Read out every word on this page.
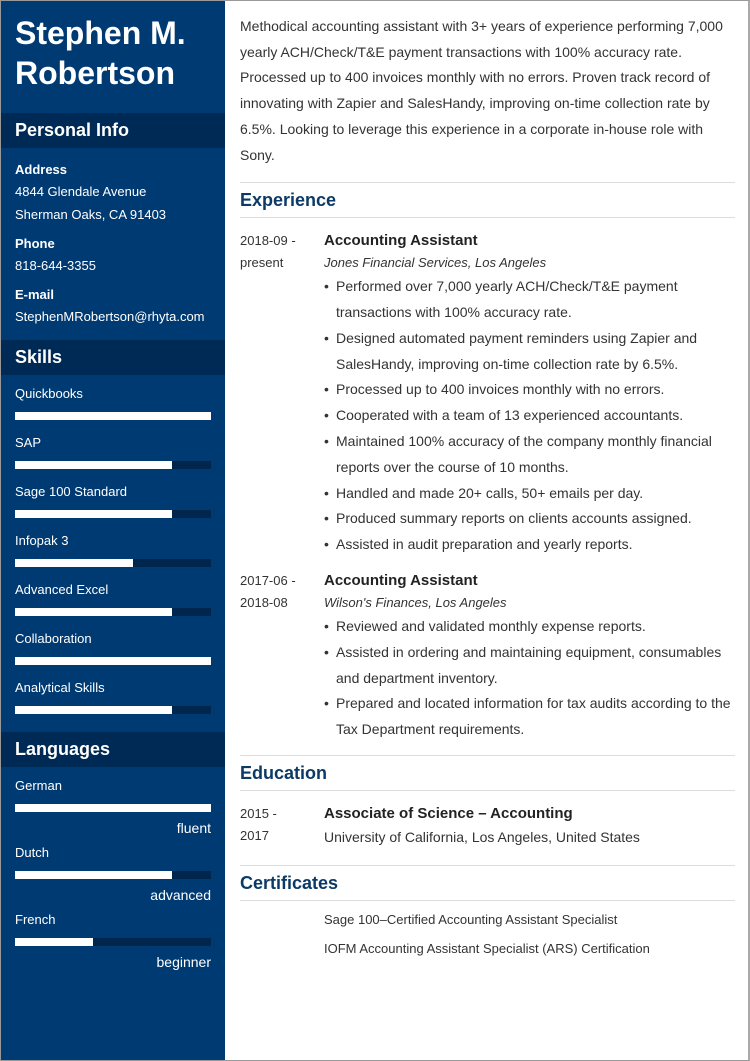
Stephen M.
Robertson
Personal Info
Address
4844 Glendale Avenue
Sherman Oaks, CA 91403
Phone
818-644-3355
E-mail
StephenMRobertson@rhyta.com
Skills
Quickbooks
SAP
Sage 100 Standard
Infopak 3
Advanced Excel
Collaboration
Analytical Skills
Languages
German
fluent
Dutch
advanced
French
beginner
Methodical accounting assistant with 3+ years of experience performing 7,000 yearly ACH/Check/T&E payment transactions with 100% accuracy rate. Processed up to 400 invoices monthly with no errors. Proven track record of innovating with Zapier and SalesHandy, improving on-time collection rate by 6.5%. Looking to leverage this experience in a corporate in-house role with Sony.
Experience
2018-09 -
present
Accounting Assistant
Jones Financial Services, Los Angeles
• Performed over 7,000 yearly ACH/Check/T&E payment transactions with 100% accuracy rate.
• Designed automated payment reminders using Zapier and SalesHandy, improving on-time collection rate by 6.5%.
• Processed up to 400 invoices monthly with no errors.
• Cooperated with a team of 13 experienced accountants.
• Maintained 100% accuracy of the company monthly financial reports over the course of 10 months.
• Handled and made 20+ calls, 50+ emails per day.
• Produced summary reports on clients accounts assigned.
• Assisted in audit preparation and yearly reports.
2017-06 -
2018-08
Accounting Assistant
Wilson's Finances, Los Angeles
• Reviewed and validated monthly expense reports.
• Assisted in ordering and maintaining equipment, consumables and department inventory.
• Prepared and located information for tax audits according to the Tax Department requirements.
Education
2015 -
2017
Associate of Science – Accounting
University of California, Los Angeles, United States
Certificates
Sage 100–Certified Accounting Assistant Specialist
IOFM Accounting Assistant Specialist (ARS) Certification
